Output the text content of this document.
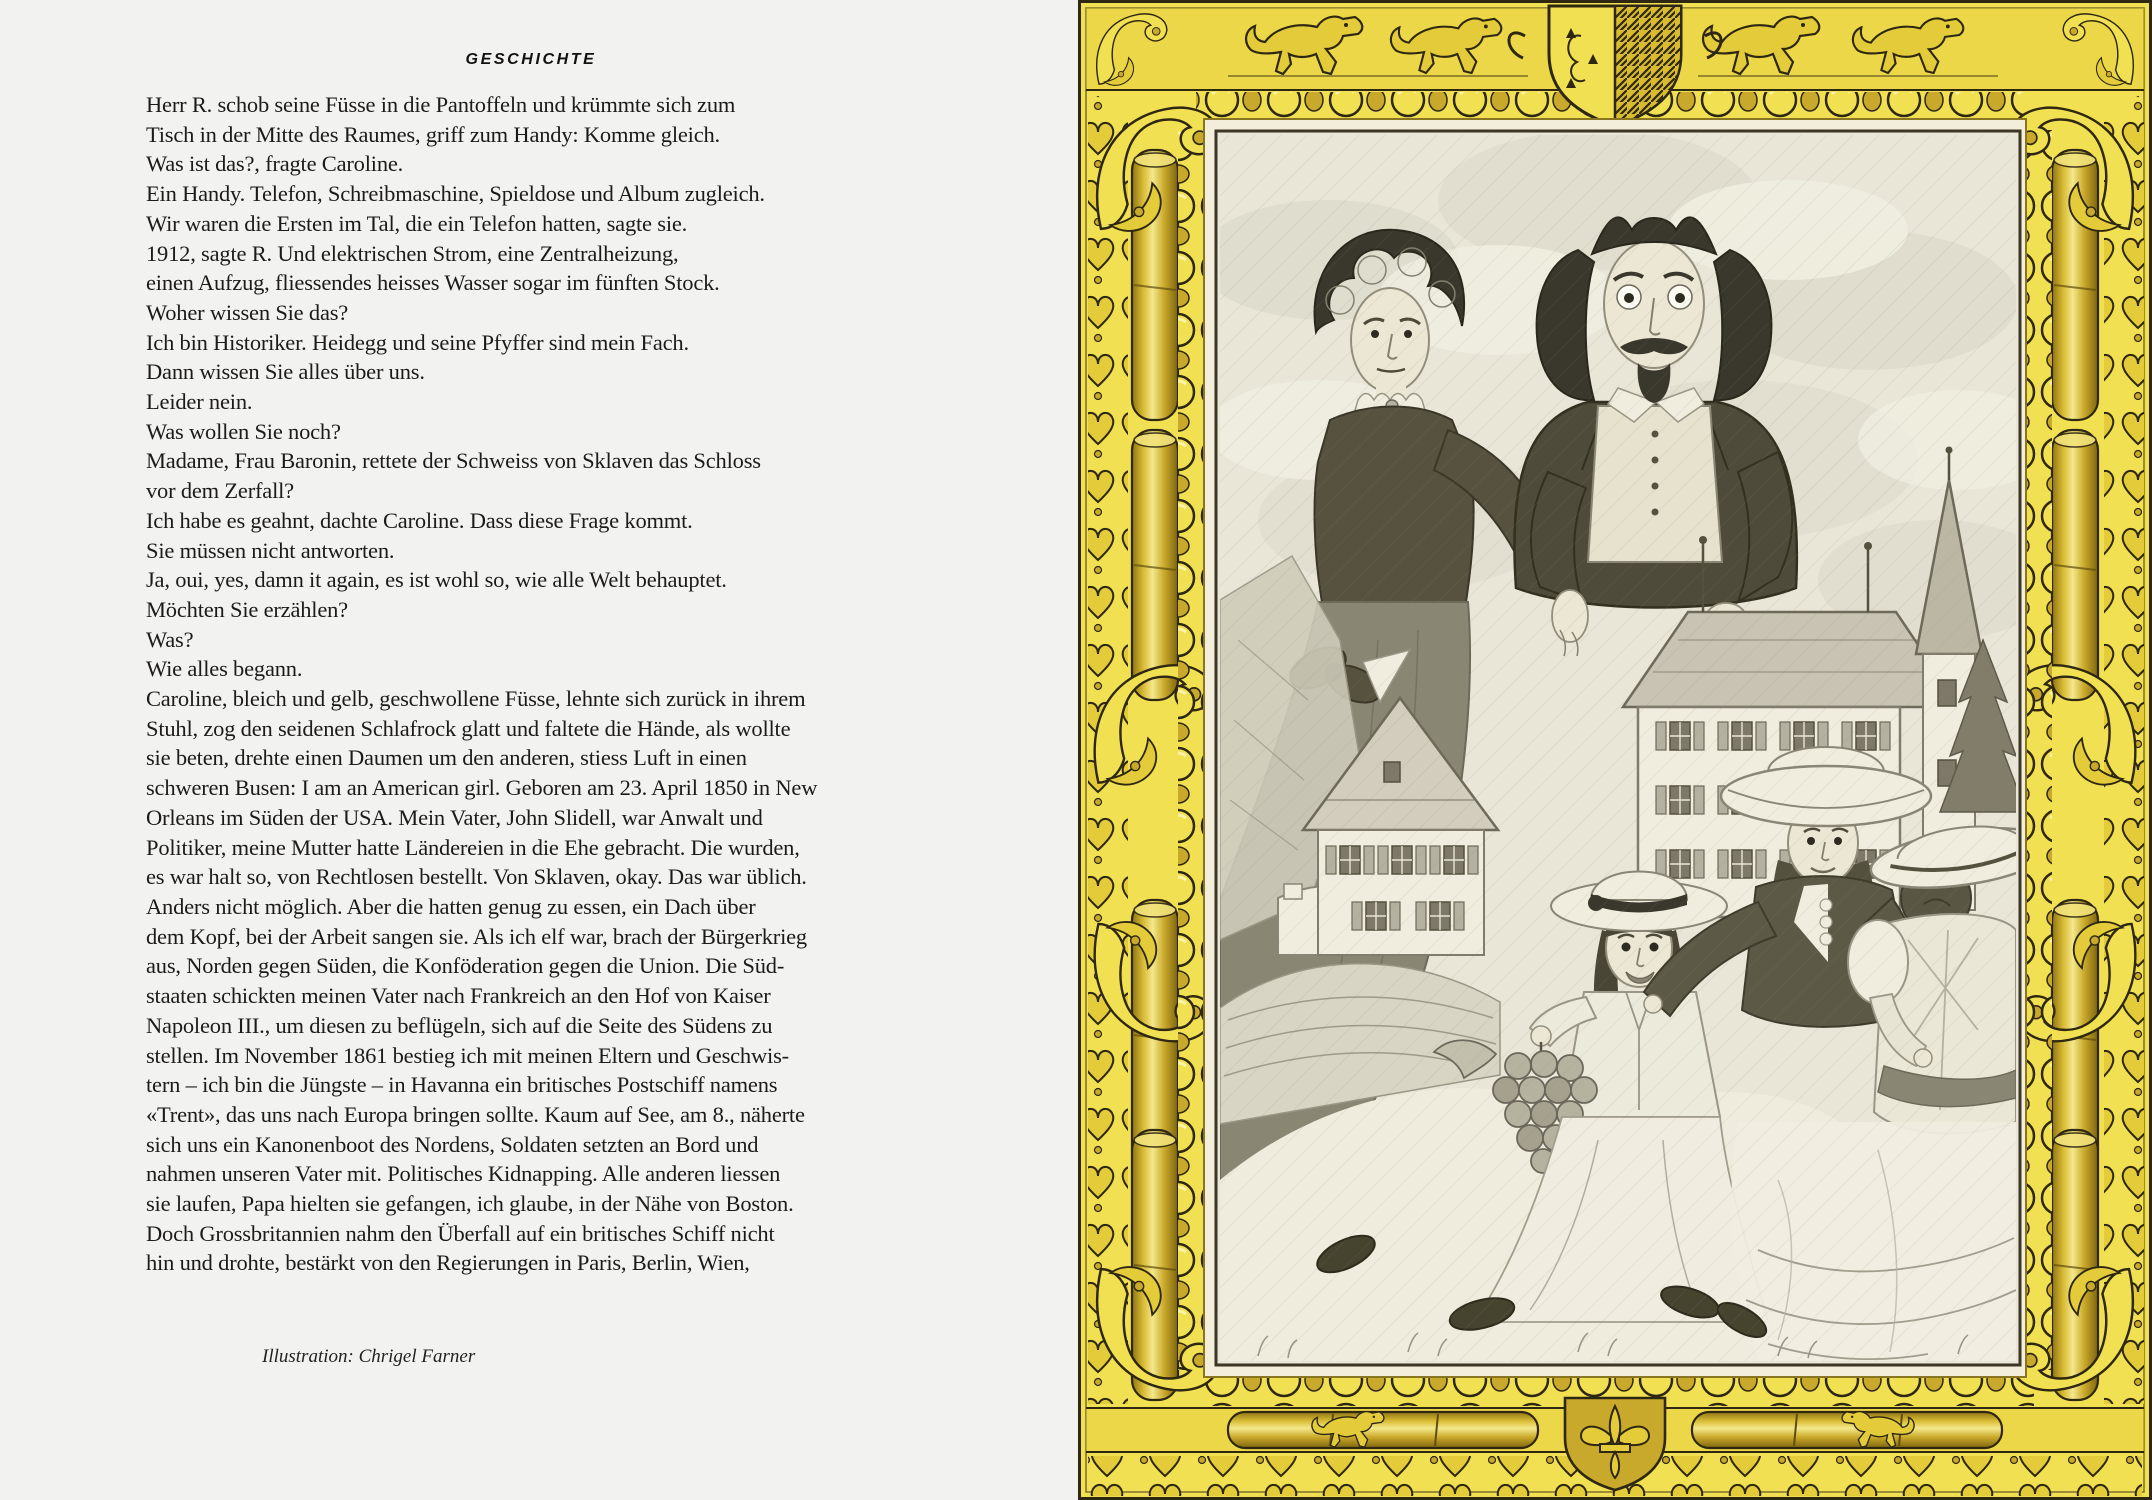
GESCHICHTE
Herr R. schob seine Füsse in die Pantoffeln und krümmte sich zum
Tisch in der Mitte des Raumes, griff zum Handy: Komme gleich.
Was ist das?, fragte Caroline.
Ein Handy. Telefon, Schreibmaschine, Spieldose und Album zugleich.
Wir waren die Ersten im Tal, die ein Telefon hatten, sagte sie.
1912, sagte R. Und elektrischen Strom, eine Zentralheizung,
einen Aufzug, fliessendes heisses Wasser sogar im fünften Stock.
Woher wissen Sie das?
Ich bin Historiker. Heidegg und seine Pfyffer sind mein Fach.
Dann wissen Sie alles über uns.
Leider nein.
Was wollen Sie noch?
Madame, Frau Baronin, rettete der Schweiss von Sklaven das Schloss
vor dem Zerfall?
Ich habe es geahnt, dachte Caroline. Dass diese Frage kommt.
Sie müssen nicht antworten.
Ja, oui, yes, damn it again, es ist wohl so, wie alle Welt behauptet.
Möchten Sie erzählen?
Was?
Wie alles begann.
Caroline, bleich und gelb, geschwollene Füsse, lehnte sich zurück in ihrem
Stuhl, zog den seidenen Schlafrock glatt und faltete die Hände, als wollte
sie beten, drehte einen Daumen um den anderen, stiess Luft in einen
schweren Busen: I am an American girl. Geboren am 23. April 1850 in New
Orleans im Süden der USA. Mein Vater, John Slidell, war Anwalt und
Politiker, meine Mutter hatte Ländereien in die Ehe gebracht. Die wurden,
es war halt so, von Rechtlosen bestellt. Von Sklaven, okay. Das war üblich.
Anders nicht möglich. Aber die hatten genug zu essen, ein Dach über
dem Kopf, bei der Arbeit sangen sie. Als ich elf war, brach der Bürgerkrieg
aus, Norden gegen Süden, die Konföderation gegen die Union. Die Süd-
staaten schickten meinen Vater nach Frankreich an den Hof von Kaiser
Napoleon III., um diesen zu beflügeln, sich auf die Seite des Südens zu
stellen. Im November 1861 bestieg ich mit meinen Eltern und Geschwis-
tern – ich bin die Jüngste – in Havanna ein britisches Postschiff namens
«Trent», das uns nach Europa bringen sollte. Kaum auf See, am 8., näherte
sich uns ein Kanonenboot des Nordens, Soldaten setzten an Bord und
nahmen unseren Vater mit. Politisches Kidnapping. Alle anderen liessen
sie laufen, Papa hielten sie gefangen, ich glaube, in der Nähe von Boston.
Doch Grossbritannien nahm den Überfall auf ein britisches Schiff nicht
hin und drohte, bestärkt von den Regierungen in Paris, Berlin, Wien,
Illustration: Chrigel Farner
